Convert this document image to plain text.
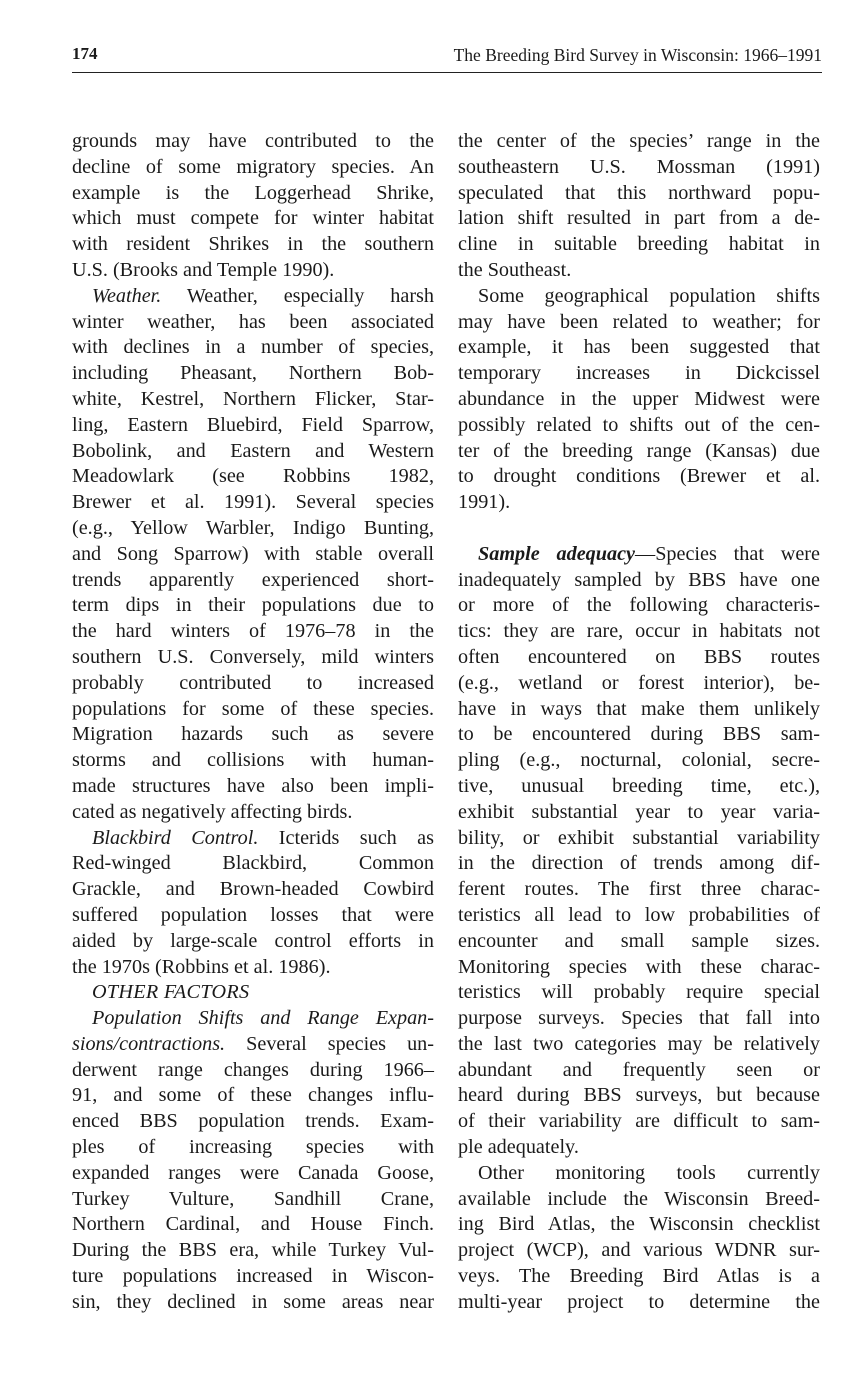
174	The Breeding Bird Survey in Wisconsin: 1966–1991
grounds may have contributed to the
decline of some migratory species. An
example is the Loggerhead Shrike,
which must compete for winter habitat
with resident Shrikes in the southern
U.S. (Brooks and Temple 1990).
Weather. Weather, especially harsh
winter weather, has been associated
with declines in a number of species,
including Pheasant, Northern Bob-
white, Kestrel, Northern Flicker, Star-
ling, Eastern Bluebird, Field Sparrow,
Bobolink, and Eastern and Western
Meadowlark (see Robbins 1982,
Brewer et al. 1991). Several species
(e.g., Yellow Warbler, Indigo Bunting,
and Song Sparrow) with stable overall
trends apparently experienced short-
term dips in their populations due to
the hard winters of 1976–78 in the
southern U.S. Conversely, mild winters
probably contributed to increased
populations for some of these species.
Migration hazards such as severe
storms and collisions with human-
made structures have also been impli-
cated as negatively affecting birds.
Blackbird Control. Icterids such as
Red-winged Blackbird, Common
Grackle, and Brown-headed Cowbird
suffered population losses that were
aided by large-scale control efforts in
the 1970s (Robbins et al. 1986).
OTHER FACTORS
Population Shifts and Range Expan-
sions/contractions. Several species un-
derwent range changes during 1966–
91, and some of these changes influ-
enced BBS population trends. Exam-
ples of increasing species with
expanded ranges were Canada Goose,
Turkey Vulture, Sandhill Crane,
Northern Cardinal, and House Finch.
During the BBS era, while Turkey Vul-
ture populations increased in Wiscon-
sin, they declined in some areas near
the center of the species’ range in the
southeastern U.S. Mossman (1991)
speculated that this northward popu-
lation shift resulted in part from a de-
cline in suitable breeding habitat in
the Southeast.
Some geographical population shifts
may have been related to weather; for
example, it has been suggested that
temporary increases in Dickcissel
abundance in the upper Midwest were
possibly related to shifts out of the cen-
ter of the breeding range (Kansas) due
to drought conditions (Brewer et al.
1991).
Sample adequacy—Species that were
inadequately sampled by BBS have one
or more of the following characteris-
tics: they are rare, occur in habitats not
often encountered on BBS routes
(e.g., wetland or forest interior), be-
have in ways that make them unlikely
to be encountered during BBS sam-
pling (e.g., nocturnal, colonial, secre-
tive, unusual breeding time, etc.),
exhibit substantial year to year varia-
bility, or exhibit substantial variability
in the direction of trends among dif-
ferent routes. The first three charac-
teristics all lead to low probabilities of
encounter and small sample sizes.
Monitoring species with these charac-
teristics will probably require special
purpose surveys. Species that fall into
the last two categories may be relatively
abundant and frequently seen or
heard during BBS surveys, but because
of their variability are difficult to sam-
ple adequately.
Other monitoring tools currently
available include the Wisconsin Breed-
ing Bird Atlas, the Wisconsin checklist
project (WCP), and various WDNR sur-
veys. The Breeding Bird Atlas is a
multi-year project to determine the
